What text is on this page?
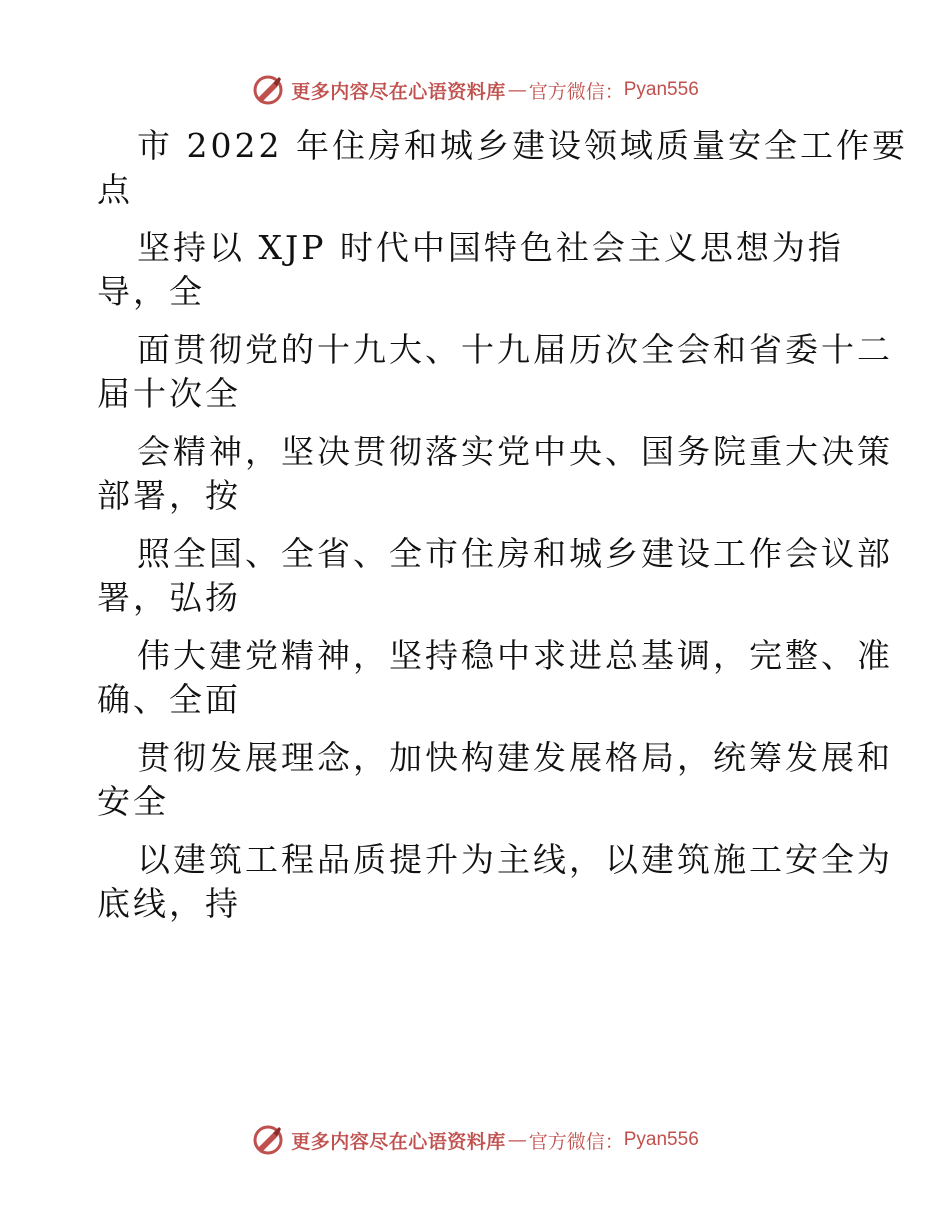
更多内容尽在心语资料库 — 官方微信： Pyan556
市 2022 年住房和城乡建设领域质量安全工作要
点
坚持以 XJP 时代中国特色社会主义思想为指
导，全
面贯彻党的十九大、十九届历次全会和省委十二
届十次全
会精神，坚决贯彻落实党中央、国务院重大决策
部署，按
照全国、全省、全市住房和城乡建设工作会议部
署，弘扬
伟大建党精神，坚持稳中求进总基调，完整、准
确、全面
贯彻发展理念，加快构建发展格局，统筹发展和
安全
以建筑工程品质提升为主线，以建筑施工安全为
底线，持
更多内容尽在心语资料库 — 官方微信： Pyan556
